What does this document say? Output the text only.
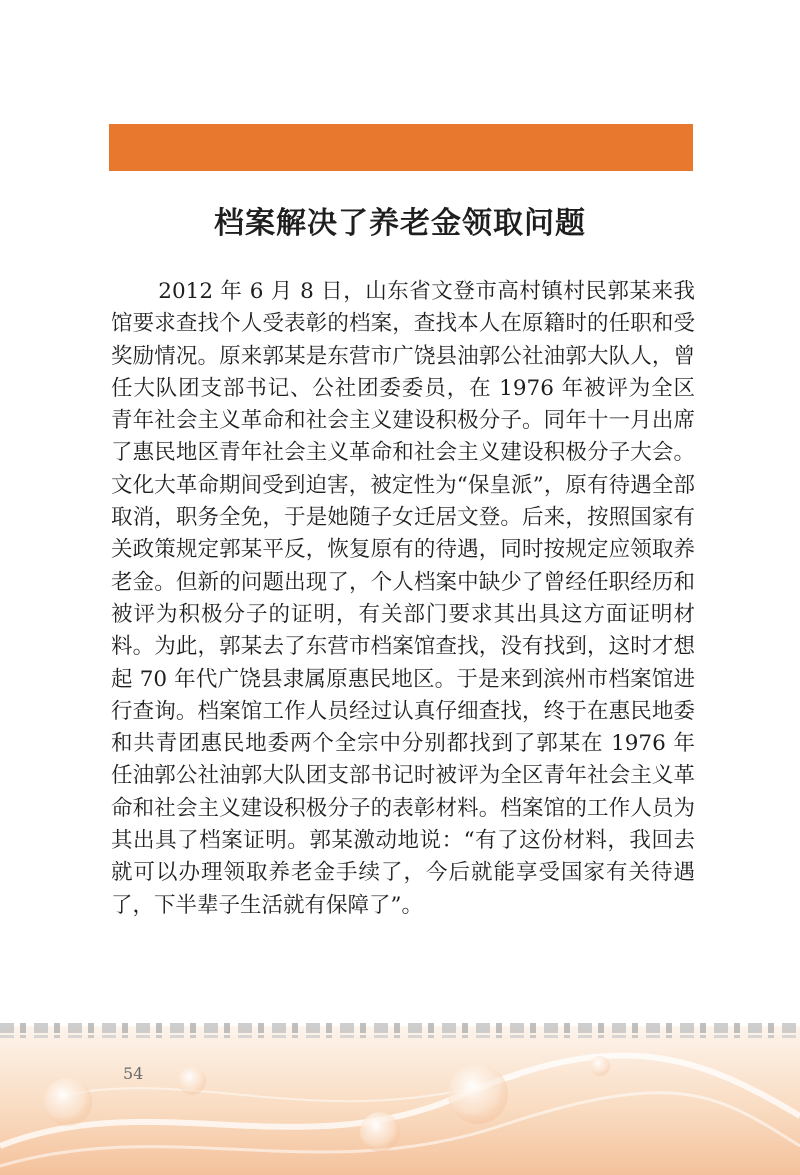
档案解决了养老金领取问题

2012 年 6 月 8 日，山东省文登市高村镇村民郭某来我馆要求查找个人受表彰的档案，查找本人在原籍时的任职和受奖励情况。原来郭某是东营市广饶县油郭公社油郭大队人，曾任大队团支部书记、公社团委委员，在 1976 年被评为全区青年社会主义革命和社会主义建设积极分子。同年十一月出席了惠民地区青年社会主义革命和社会主义建设积极分子大会。文化大革命期间受到迫害，被定性为“保皇派”，原有待遇全部取消，职务全免，于是她随子女迁居文登。后来，按照国家有关政策规定郭某平反，恢复原有的待遇，同时按规定应领取养老金。但新的问题出现了，个人档案中缺少了曾经任职经历和被评为积极分子的证明，有关部门要求其出具这方面证明材料。为此，郭某去了东营市档案馆查找，没有找到，这时才想起 70 年代广饶县隶属原惠民地区。于是来到滨州市档案馆进行查询。档案馆工作人员经过认真仔细查找，终于在惠民地委和共青团惠民地委两个全宗中分别都找到了郭某在 1976 年任油郭公社油郭大队团支部书记时被评为全区青年社会主义革命和社会主义建设积极分子的表彰材料。档案馆的工作人员为其出具了档案证明。郭某激动地说：“有了这份材料，我回去就可以办理领取养老金手续了，今后就能享受国家有关待遇了，下半辈子生活就有保障了”。

54
